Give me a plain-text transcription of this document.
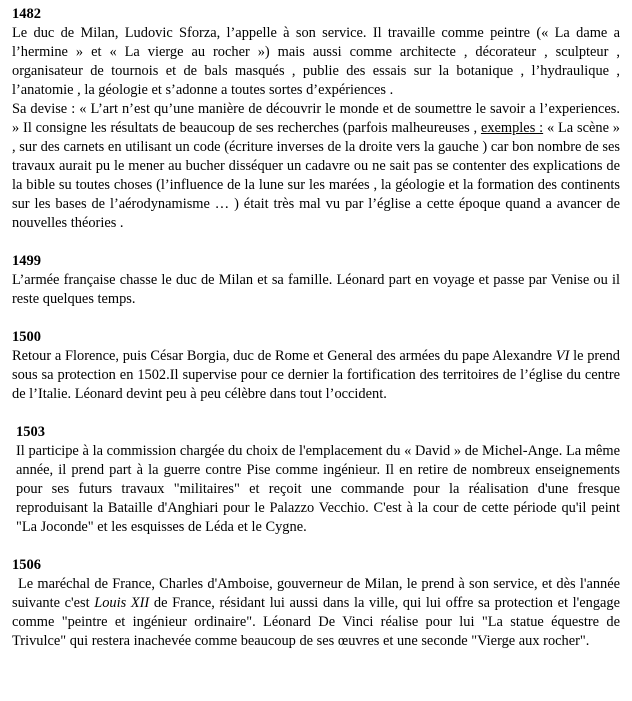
1482

Le duc de Milan, Ludovic Sforza, l’appelle à son service. Il travaille comme peintre (« La dame a l’hermine » et « La vierge au rocher ») mais aussi comme architecte , décorateur , sculpteur , organisateur de tournois et de bals masqués , publie des essais sur la botanique , l’hydraulique , l’anatomie , la géologie et s’adonne a toutes sortes d’expériences .

Sa devise : « L’art n’est qu’une manière de découvrir le monde et de soumettre le savoir a l’experiences. » Il consigne les résultats de beaucoup de ses recherches (parfois malheureuses , exemples : « La scène » , sur des carnets en utilisant un code (écriture inverses de la droite vers la gauche ) car bon nombre de ses travaux aurait pu le mener au bucher disséquer un cadavre ou ne sait pas se contenter des explications de la bible su toutes choses (l’influence de la lune sur les marées , la géologie et la formation des continents sur les bases de l’aérodynamisme … ) était très mal vu par l’église a cette époque quand a avancer de nouvelles théories .

1499

L’armée française chasse le duc de Milan et sa famille. Léonard part en voyage et passe par Venise ou il reste quelques temps.

1500

Retour a Florence, puis César Borgia, duc de Rome et General des armées du pape Alexandre VI le prend sous sa protection en 1502.Il supervise pour ce dernier la fortification des territoires de l’église du centre de l’Italie. Léonard devint peu à peu célèbre dans tout l’occident.

1503

Il participe à la commission chargée du choix de l'emplacement du « David » de Michel-Ange. La même année, il prend part à la guerre contre Pise comme ingénieur. Il en retire de nombreux enseignements pour ses futurs travaux "militaires" et reçoit une commande pour la réalisation d'une fresque reproduisant la Bataille d'Anghiari pour le Palazzo Vecchio. C'est à la cour de cette période qu'il peint "La Joconde" et les esquisses de Léda et le Cygne.

1506

Le maréchal de France, Charles d'Amboise, gouverneur de Milan, le prend à son service, et dès l'année suivante c'est Louis XII de France, résidant lui aussi dans la ville, qui lui offre sa protection et l'engage comme "peintre et ingénieur ordinaire". Léonard De Vinci réalise pour lui "La statue équestre de Trivulce" qui restera inachevée comme beaucoup de ses œuvres et une seconde "Vierge aux rocher".
